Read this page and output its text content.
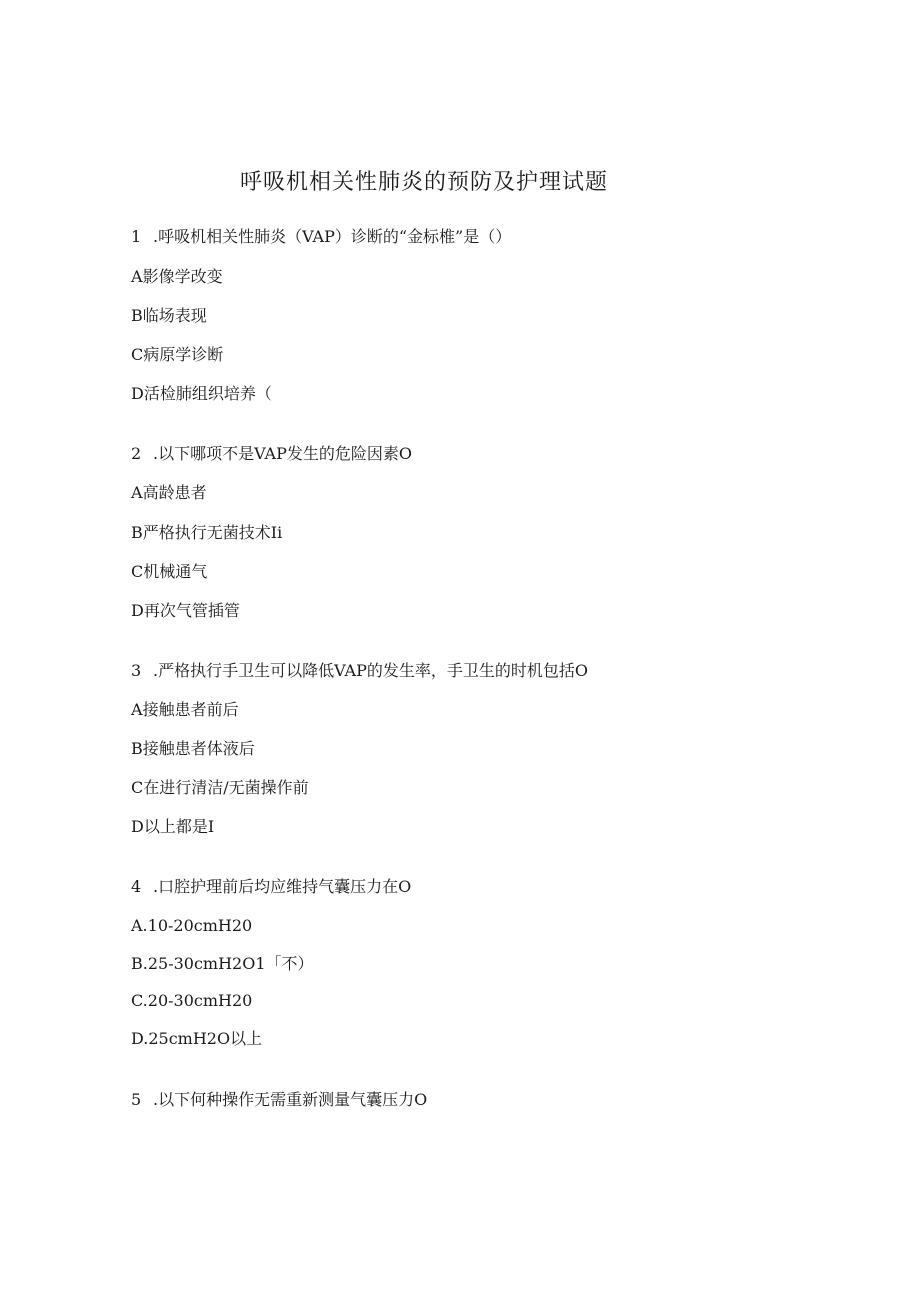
呼吸机相关性肺炎的预防及护理试题
1 .呼吸机相关性肺炎（VAP）诊断的“金标椎”是（）
A影像学改变
B临场表现
C病原学诊断
D活检肺组织培养（
2 .以下哪项不是VAP发生的危险因素O
A高龄患者
B严格执行无菌技术Ii
C机械通气
D再次气管插管
3 .严格执行手卫生可以降低VAP的发生率，手卫生的时机包括O
A接触患者前后
B接触患者体液后
C在进行清洁/无菌操作前
D以上都是I
4 .口腔护理前后均应维持气囊压力在O
A.10-20cmH20
B.25-30cmH2O1「不）
C.20-30cmH20
D.25cmH2O以上
5 .以下何种操作无需重新测量气囊压力O
